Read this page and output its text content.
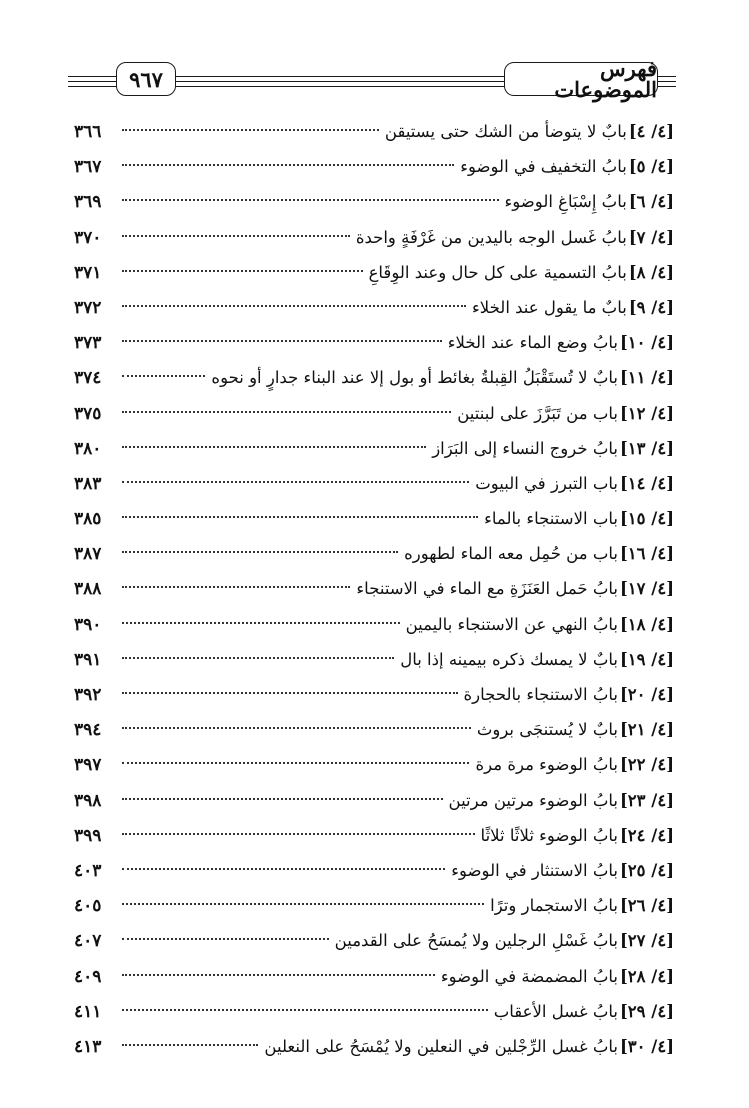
فهرس الموضوعات
٩٦٧
[٤/ ٤]
بابٌ لا يتوضأ من الشك حتى يستيقن
٣٦٦
[٤/ ٥]
بابُ التخفيف في الوضوء
٣٦٧
[٤/ ٦]
بابُ إِسْبَاغِ الوضوء
٣٦٩
[٤/ ٧]
بابُ غَسل الوجه باليدين من غَرْفَةٍ واحدة
٣٧٠
[٤/ ٨]
بابُ التسمية على كل حال وعند الوِقَاعِ
٣٧١
[٤/ ٩]
بابٌ ما يقول عند الخلاء
٣٧٢
[٤/ ١٠]
بابُ وضع الماء عند الخلاء
٣٧٣
[٤/ ١١]
بابٌ لا تُستَقْبَلُ القِبلةُ بغائط أو بول إلا عند البناء جدارٍ أو نحوه
٣٧٤
[٤/ ١٢]
باب من تَبَرَّزَ على لبنتين
٣٧٥
[٤/ ١٣]
بابُ خروج النساء إلى البَرَاز
٣٨٠
[٤/ ١٤]
باب التبرز في البيوت
٣٨٣
[٤/ ١٥]
باب الاستنجاء بالماء
٣٨٥
[٤/ ١٦]
باب من حُمِل معه الماء لطهوره
٣٨٧
[٤/ ١٧]
بابُ حَمل العَنَزَةِ مع الماء في الاستنجاء
٣٨٨
[٤/ ١٨]
بابُ النهي عن الاستنجاء باليمين
٣٩٠
[٤/ ١٩]
بابٌ لا يمسك ذكره بيمينه إذا بال
٣٩١
[٤/ ٢٠]
بابُ الاستنجاء بالحجارة
٣٩٢
[٤/ ٢١]
بابٌ لا يُستنجَى بروث
٣٩٤
[٤/ ٢٢]
بابُ الوضوء مرة مرة
٣٩٧
[٤/ ٢٣]
بابُ الوضوء مرتين مرتين
٣٩٨
[٤/ ٢٤]
بابُ الوضوء ثلاثًا ثلاثًا
٣٩٩
[٤/ ٢٥]
بابُ الاستنثار في الوضوء
٤٠٣
[٤/ ٢٦]
بابُ الاستجمار وترًا
٤٠٥
[٤/ ٢٧]
بابُ غَسْلِ الرجلين ولا يُمسَحُ على القدمين
٤٠٧
[٤/ ٢٨]
بابُ المضمضة في الوضوء
٤٠٩
[٤/ ٢٩]
بابُ غسل الأعقاب
٤١١
[٤/ ٣٠]
بابُ غسل الرِّجْلين في النعلين ولا يُمْسَحُ على النعلين
٤١٣
